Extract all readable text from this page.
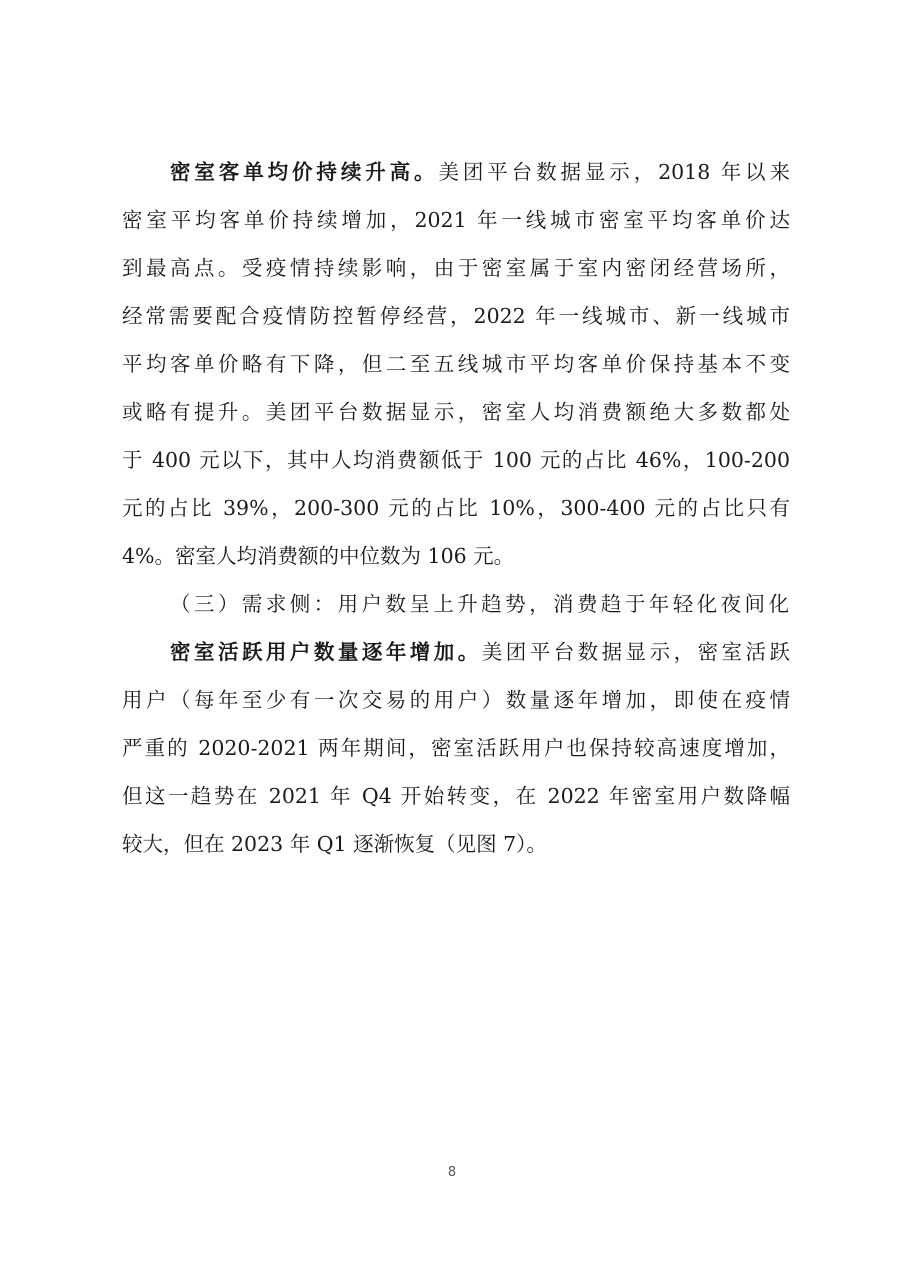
密室客单均价持续升高。美团平台数据显示，2018 年以来
密室平均客单价持续增加，2021 年一线城市密室平均客单价达
到最高点。受疫情持续影响，由于密室属于室内密闭经营场所，
经常需要配合疫情防控暂停经营，2022 年一线城市、新一线城市
平均客单价略有下降，但二至五线城市平均客单价保持基本不变
或略有提升。美团平台数据显示，密室人均消费额绝大多数都处
于 400 元以下，其中人均消费额低于 100 元的占比 46%，100-200
元的占比 39%，200-300 元的占比 10%，300-400 元的占比只有
4%。密室人均消费额的中位数为 106 元。
（三）需求侧：用户数呈上升趋势，消费趋于年轻化夜间化
密室活跃用户数量逐年增加。美团平台数据显示，密室活跃
用户（每年至少有一次交易的用户）数量逐年增加，即使在疫情
严重的 2020-2021 两年期间，密室活跃用户也保持较高速度增加，
但这一趋势在 2021 年 Q4 开始转变，在 2022 年密室用户数降幅
较大，但在 2023 年 Q1 逐渐恢复（见图 7）。
8
